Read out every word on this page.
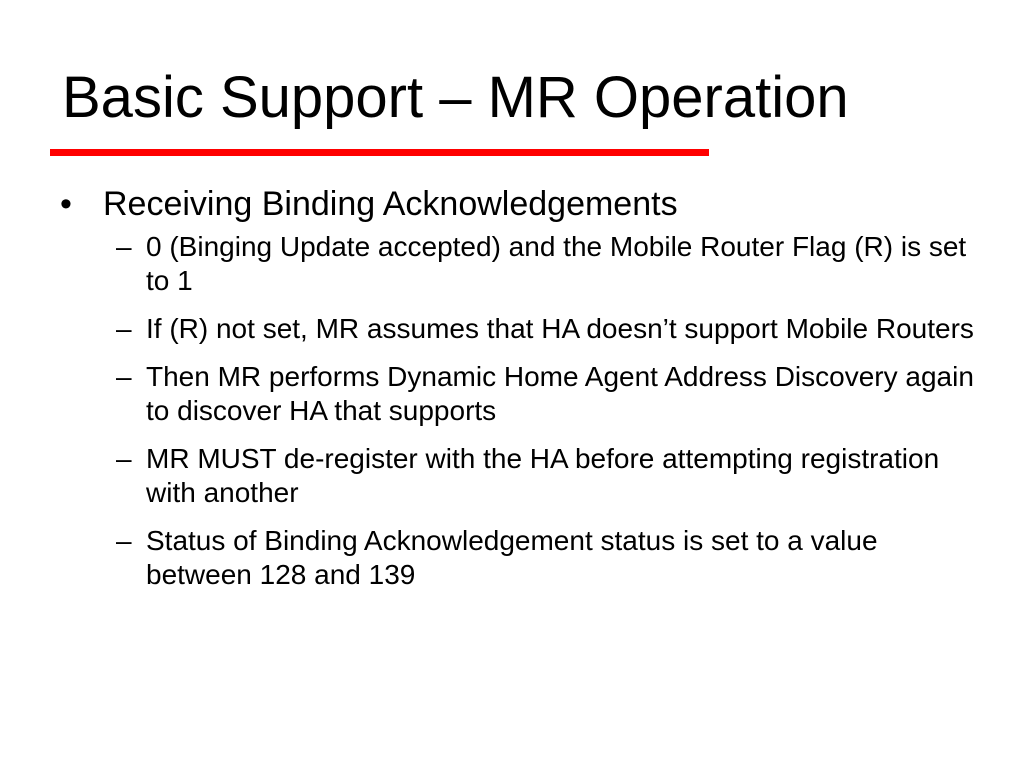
Basic Support – MR Operation
• Receiving Binding Acknowledgements
– 0 (Binging Update accepted) and the Mobile Router Flag (R) is set to 1
– If (R) not set, MR assumes that HA doesn’t support Mobile Routers
– Then MR performs Dynamic Home Agent Address Discovery again to discover HA that supports
– MR MUST de-register with the HA before attempting registration with another
– Status of Binding Acknowledgement status is set to a value between 128 and 139
